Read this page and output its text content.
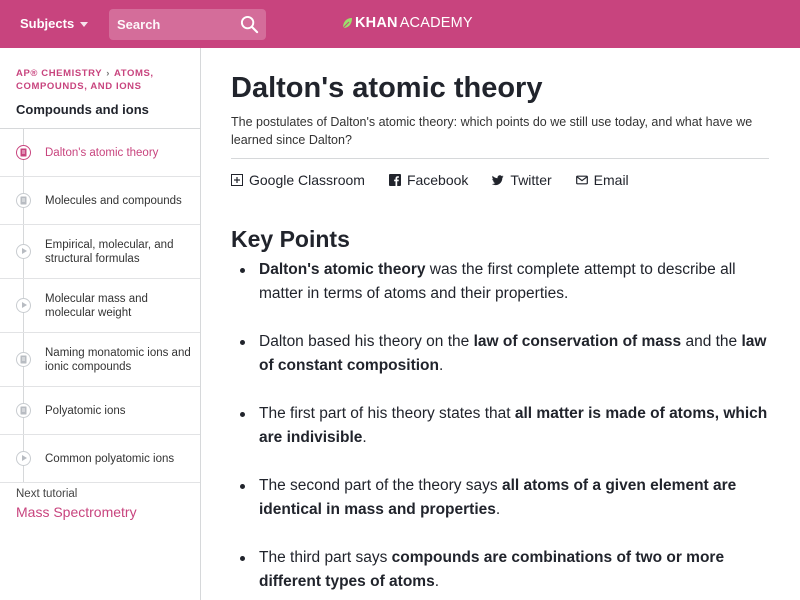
Subjects
Search	KHAN ACADEMY
AP® CHEMISTRY › ATOMS, COMPOUNDS, AND IONS
Compounds and ions
Dalton's atomic theory
Molecules and compounds
Empirical, molecular, and structural formulas
Molecular mass and molecular weight
Naming monatomic ions and ionic compounds
Polyatomic ions
Common polyatomic ions
Next tutorial
Mass Spectrometry
Dalton's atomic theory

The postulates of Dalton's atomic theory: which points do we still use today, and what have we learned since Dalton?

Google Classroom	Facebook	Twitter	Email
Key Points
Dalton's atomic theory was the first complete attempt to describe all matter in terms of atoms and their properties.
Dalton based his theory on the law of conservation of mass and the law of constant composition.
The first part of his theory states that all matter is made of atoms, which are indivisible.
The second part of the theory says all atoms of a given element are identical in mass and properties.
The third part says compounds are combinations of two or more different types of atoms.
